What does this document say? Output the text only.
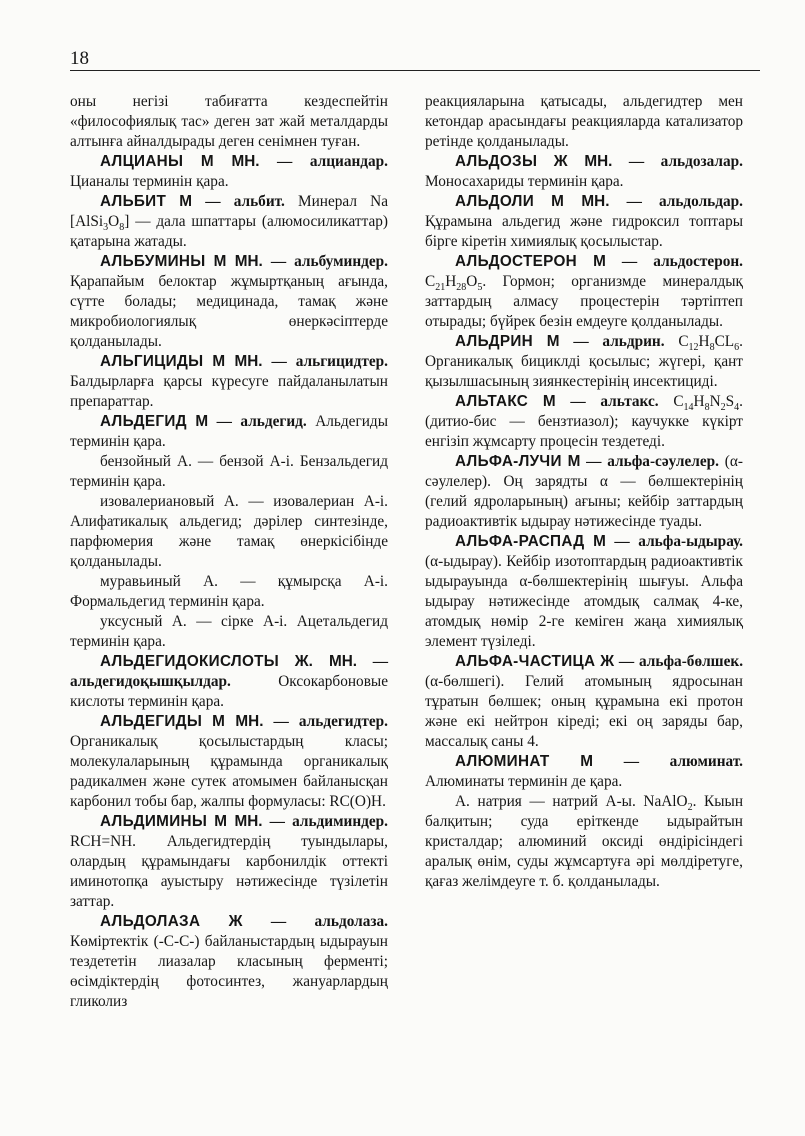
18

оны негізі табиғатта кездеспейтін «философиялық тас» деген зат жай металдарды алтынға айналдырады деген сенімнен туған.

АЛЦИАНЫ М МН. — алциандар. Цианалы терминін қара.

АЛЬБИТ М — альбит. Минерал Na $[AlSi_3O_8]$ — дала шпаттары (алюмосиликаттар) қатарына жатады.

АЛЬБУМИНЫ М МН. — альбуминдер. Қарапайым белоктар жұмыртқаның ағында, сүтте болады; медицинада, тамақ және микробиологиялық өнеркәсіптерде қолданылады.

АЛЬГИЦИДЫ М МН. — альгицидтер. Балдырларға қарсы күресуге пайдаланылатын препараттар.

АЛЬДЕГИД М — альдегид. Альдегиды терминін қара.

бензойный А. — бензой А-і. Бензальдегид терминін қара.

изовалериановый А. — изовалериан А-і. Алифатикалық альдегид; дәрілер синтезінде, парфюмерия және тамақ өнеркісібінде қолданылады.

муравьиный А. — құмырсқа А-і. Формальдегид терминін қара.

уксусный А. — сірке А-і. Ацетальдегид терминін қара.

АЛЬДЕГИДОКИСЛОТЫ Ж. МН. — альдегидоқышқылдар. Оксокарбоновые кислоты терминін қара.

АЛЬДЕГИДЫ М МН. — альдегидтер. Органикалық қосылыстардың класы; молекулаларының құрамында органикалық радикалмен және сутек атомымен байланысқан карбонил тобы бар, жалпы формуласы: RC(O)H.

АЛЬДИМИНЫ М МН. — альдиминдер. RCH=NH. Альдегидтердің туындылары, олардың құрамындағы карбонилдік оттекті иминотопқа ауыстыру нәтижесінде түзілетін заттар.

АЛЬДОЛАЗА Ж — альдолаза. Көміртектік (-С-С-) байланыстардың ыдырауын тездететін лиазалар класының ферменті; өсімдіктердің фотосинтез, жануарлардың гликолиз

реакцияларына қатысады, альдегидтер мен кетондар арасындағы реакцияларда катализатор ретінде қолданылады.

АЛЬДОЗЫ Ж МН. — альдозалар. Моносахариды терминін қара.

АЛЬДОЛИ М МН. — альдольдар. Құрамына альдегид және гидроксил топтары бірге кіретін химиялық қосылыстар.

АЛЬДОСТЕРОН М — альдостерон. $C_{21}H_{28}O_5$. Гормон; организмде минералдық заттардың алмасу процестерін тәртіптеп отырады; бүйрек безін емдеуге қолданылады.

АЛЬДРИН М — альдрин. $C_{12}H_8CL_6$. Органикалық бициклді қосылыс; жүгері, қант қызылшасының зиянкестерінің инсектициді.

АЛЬТАКС М — альтакс. $C_{14}H_8N_2S_4$. (дитио-бис — бензтиазол); каучукке күкірт енгізіп жұмсарту процесін тездетеді.

АЛЬФА-ЛУЧИ М — альфа-сәулелер. (α-сәулелер). Оң зарядты α — бөлшектерінің (гелий ядроларының) ағыны; кейбір заттардың радиоактивтік ыдырау нәтижесінде туады.

АЛЬФА-РАСПАД М — альфа-ыдырау. (α-ыдырау). Кейбір изотоптардың радиоактивтік ыдырауында α-бөлшектерінің шығуы. Альфа ыдырау нәтижесінде атомдық салмақ 4-ке, атомдық нөмір 2-ге кеміген жаңа химиялық элемент түзіледі.

АЛЬФА-ЧАСТИЦА Ж — альфа-бөлшек. (α-бөлшегі). Гелий атомының ядросынан тұратын бөлшек; оның құрамына екі протон және екі нейтрон кіреді; екі оң заряды бар, массалық саны 4.

АЛЮМИНАТ М — алюминат. Алюминаты терминін де қара.

А. натрия — натрий А-ы. NaAlO$_2$. Кыын балқитын; суда еріткенде ыдырайтын кристалдар; алюминий оксиді өндірісіндегі аралық өнім, суды жұмсартуға әрі мөлдіретуге, қағаз желімдеуге т. б. қолданылады.
